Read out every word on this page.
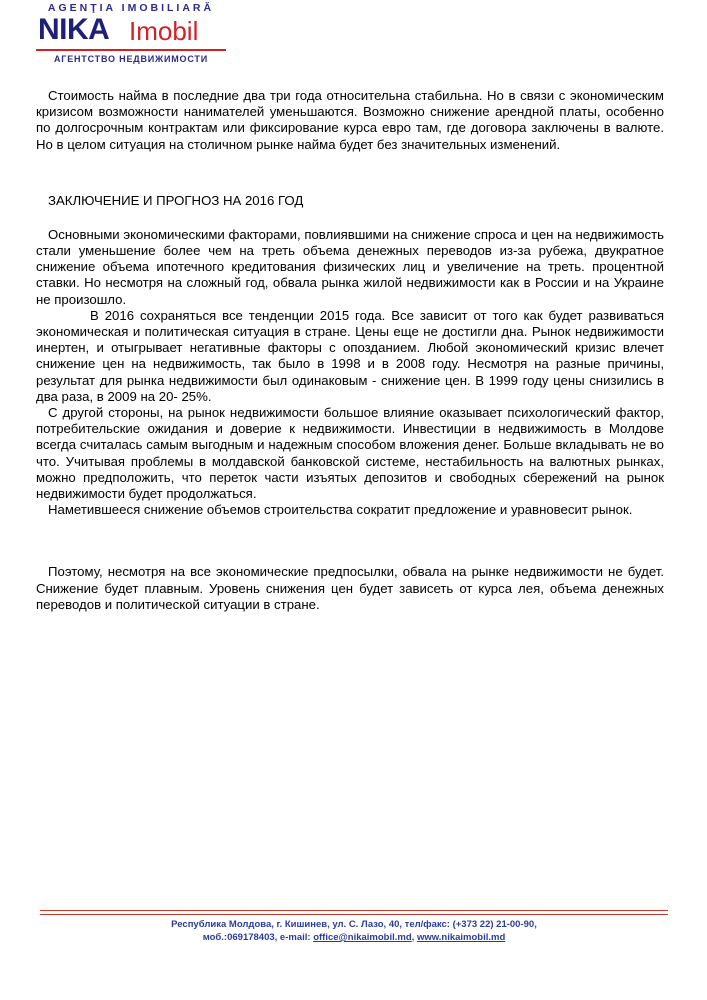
AGENŢIA IMOBILIARĂ
NIKA Imobil
АГЕНТСТВО НЕДВИЖИМОСТИ

Стоимость найма в последние два три года относительна стабильна. Но в связи с экономическим кризисом возможности нанимателей уменьшаются. Возможно снижение арендной платы, особенно по долгосрочным контрактам или фиксирование курса евро там, где договора заключены в валюте. Но в целом ситуация на столичном рынке найма будет без значительных изменений.

ЗАКЛЮЧЕНИЕ И ПРОГНОЗ НА 2016 ГОД

Основными экономическими факторами, повлиявшими на снижение спроса и цен на недвижимость стали уменьшение более чем на треть объема денежных переводов из-за рубежа, двукратное снижение объема ипотечного кредитования физических лиц и увеличение на треть. процентной ставки. Но несмотря на сложный год, обвала рынка жилой недвижимости как в России и на Украине не произошло.

В 2016 сохраняться все тенденции 2015 года. Все зависит от того как будет развиваться экономическая и политическая ситуация в стране. Цены еще не достигли дна. Рынок недвижимости инертен, и отыгрывает негативные факторы с опозданием. Любой экономический кризис влечет снижение цен на недвижимость, так было в 1998 и в 2008 году. Несмотря на разные причины, результат для рынка недвижимости был одинаковым - снижение цен. В 1999 году цены снизились в два раза, в 2009 на 20- 25%.

С другой стороны, на рынок недвижимости большое влияние оказывает психологический фактор, потребительские ожидания и доверие к недвижимости. Инвестиции в недвижимость в Молдове всегда считалась самым выгодным и надежным способом вложения денег. Больше вкладывать не во что. Учитывая проблемы в молдавской банковской системе, нестабильность на валютных рынках, можно предположить, что переток части изъятых депозитов и свободных сбережений на рынок недвижимости будет продолжаться.

Наметившееся снижение объемов строительства сократит предложение и уравновесит рынок.

Поэтому, несмотря на все экономические предпосылки, обвала на рынке недвижимости не будет. Снижение будет плавным. Уровень снижения цен будет зависеть от курса лея, объема денежных переводов и политической ситуации в стране.

Республика Молдова, г. Кишинев, ул. С. Лазо, 40, тел/факс: (+373 22) 21-00-90,
моб.:069178403, e-mail: office@nikaimobil.md, www.nikaimobil.md
